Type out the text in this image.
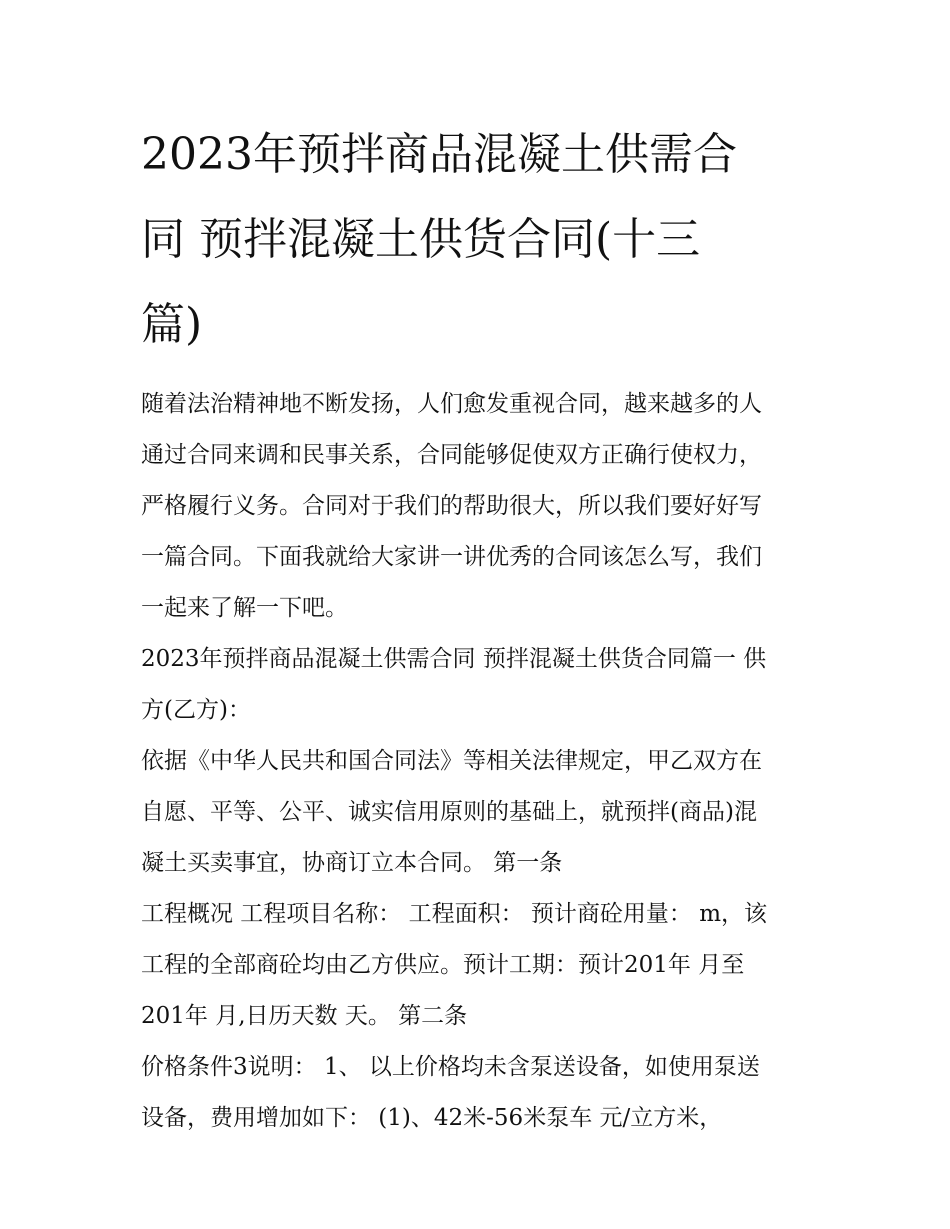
2023年预拌商品混凝土供需合
同 预拌混凝土供货合同(十三
篇)
随着法治精神地不断发扬，人们愈发重视合同，越来越多的人
通过合同来调和民事关系，合同能够促使双方正确行使权力，
严格履行义务。合同对于我们的帮助很大，所以我们要好好写
一篇合同。下面我就给大家讲一讲优秀的合同该怎么写，我们
一起来了解一下吧。
2023年预拌商品混凝土供需合同 预拌混凝土供货合同篇一 供
方(乙方)：
依据《中华人民共和国合同法》等相关法律规定，甲乙双方在
自愿、平等、公平、诚实信用原则的基础上，就预拌(商品)混
凝土买卖事宜，协商订立本合同。 第一条
工程概况 工程项目名称： 工程面积： 预计商砼用量： m，该
工程的全部商砼均由乙方供应。预计工期：预计201年 月至
201年 月,日历天数 天。 第二条
价格条件3说明： 1、 以上价格均未含泵送设备，如使用泵送
设备，费用增加如下： (1)、42米-56米泵车 元/立方米，
